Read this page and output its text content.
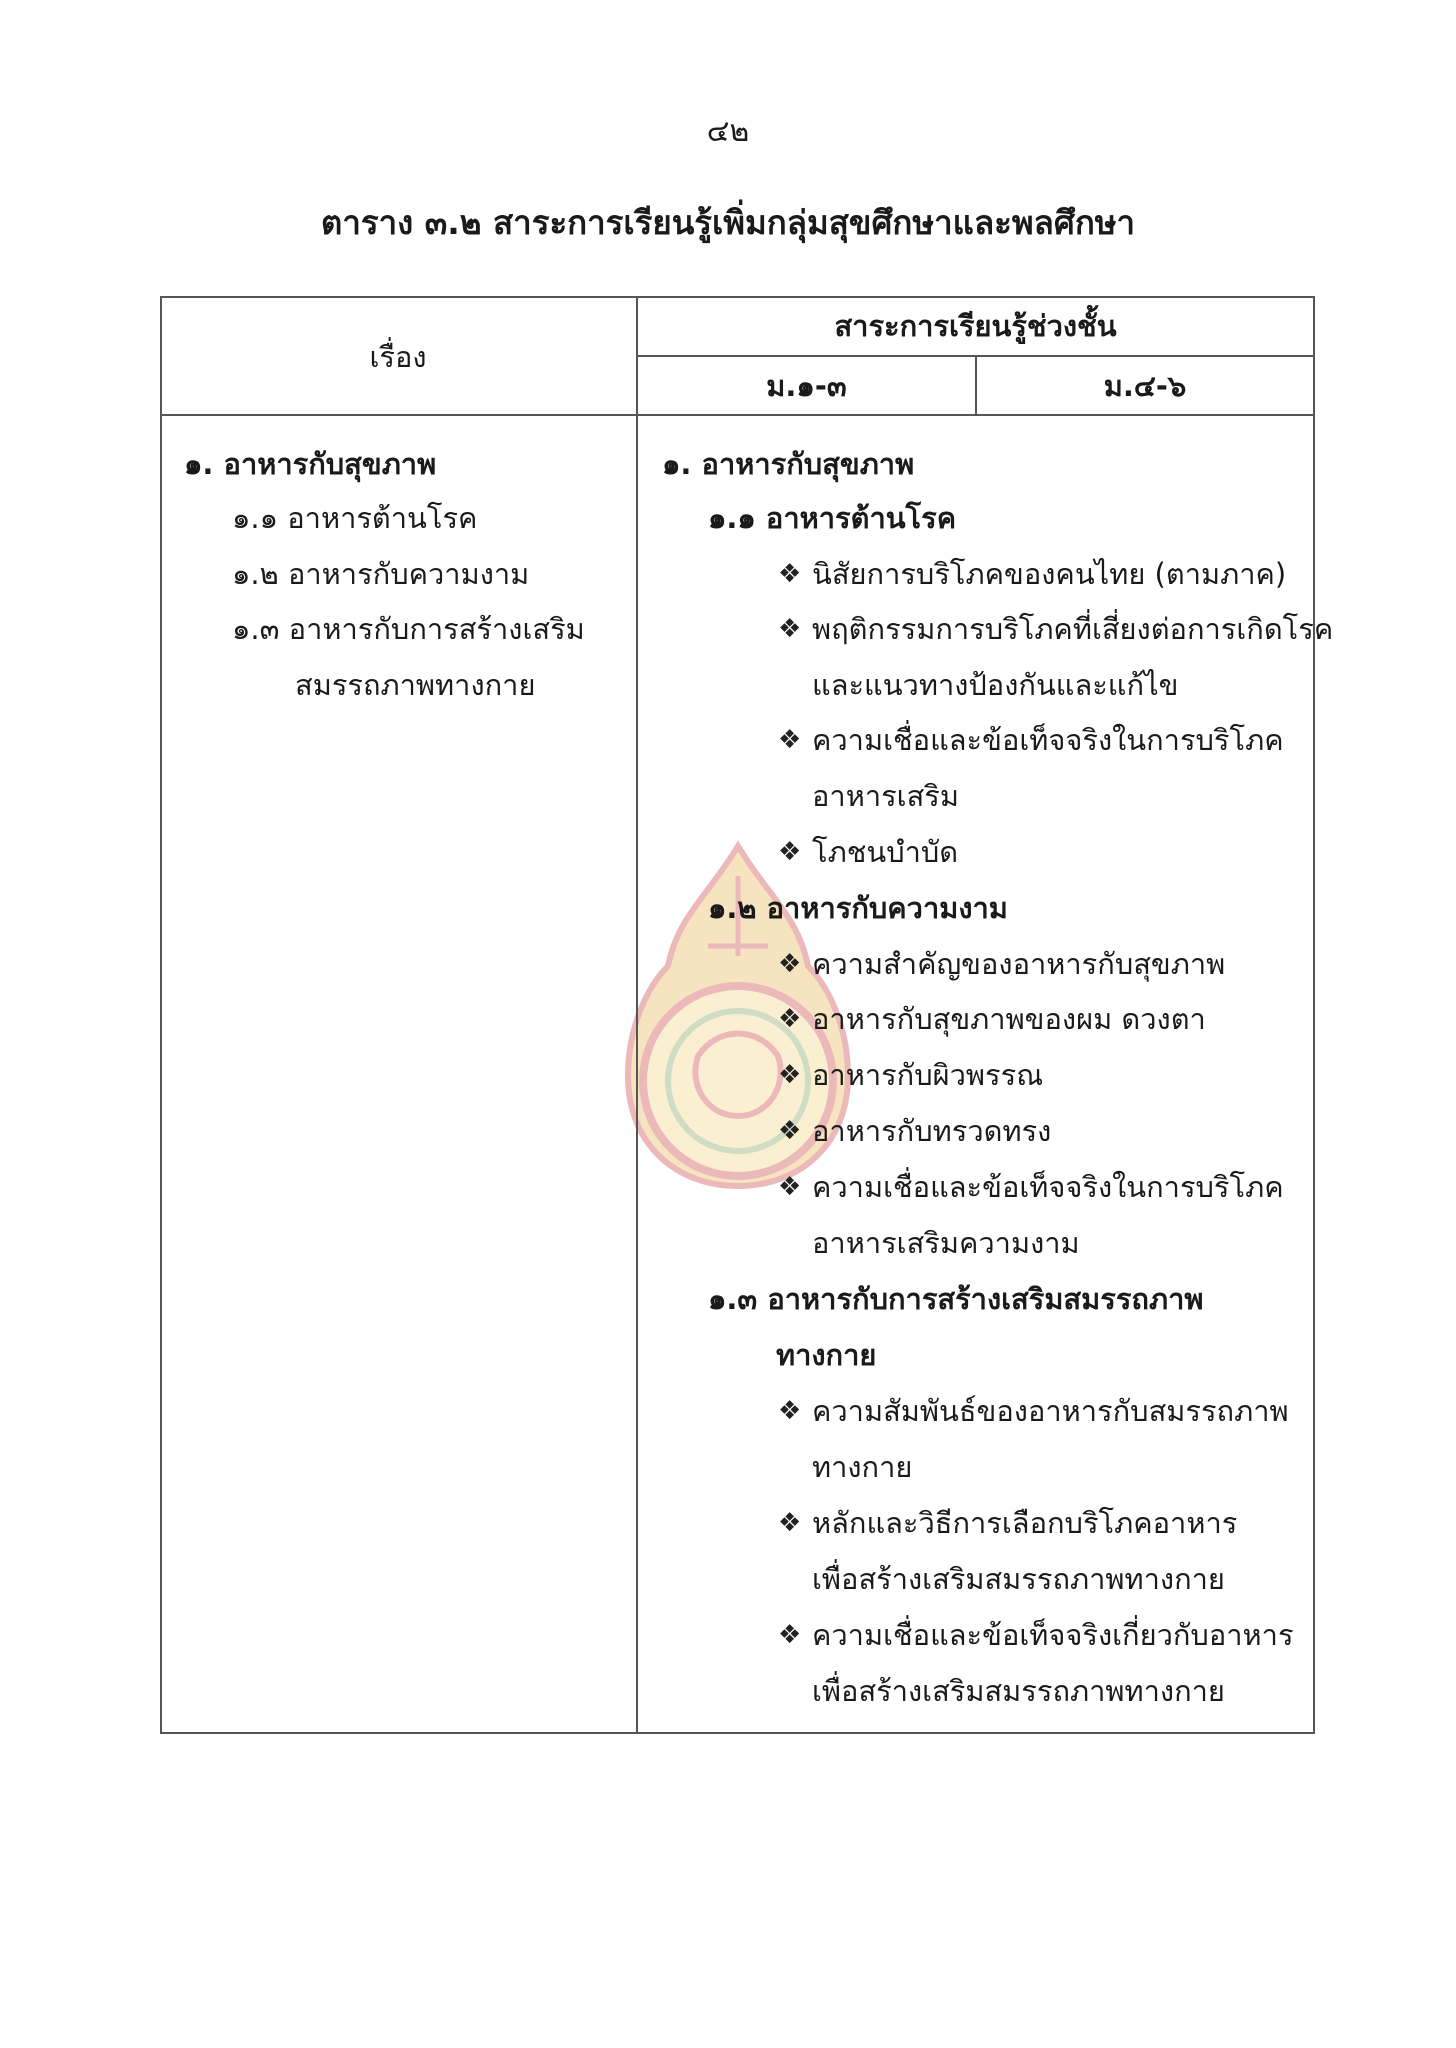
๔๒
ตาราง ๓.๒ สาระการเรียนรู้เพิ่มกลุ่มสุขศึกษาและพลศึกษา
เรื่อง
สาระการเรียนรู้ช่วงชั้น
ม.๑-๓	ม.๔-๖
๑. อาหารกับสุขภาพ
๑.๑ อาหารต้านโรค
๑.๒ อาหารกับความงาม
๑.๓ อาหารกับการสร้างเสริม
สมรรถภาพทางกาย
๑. อาหารกับสุขภาพ
๑.๑ อาหารต้านโรค
❖ นิสัยการบริโภคของคนไทย (ตามภาค)
❖ พฤติกรรมการบริโภคที่เสี่ยงต่อการเกิดโรค
และแนวทางป้องกันและแก้ไข
❖ ความเชื่อและข้อเท็จจริงในการบริโภค
อาหารเสริม
❖ โภชนบำบัด
๑.๒ อาหารกับความงาม
❖ ความสำคัญของอาหารกับสุขภาพ
❖ อาหารกับสุขภาพของผม ดวงตา
❖ อาหารกับผิวพรรณ
❖ อาหารกับทรวดทรง
❖ ความเชื่อและข้อเท็จจริงในการบริโภค
อาหารเสริมความงาม
๑.๓ อาหารกับการสร้างเสริมสมรรถภาพ
ทางกาย
❖ ความสัมพันธ์ของอาหารกับสมรรถภาพ
ทางกาย
❖ หลักและวิธีการเลือกบริโภคอาหาร
เพื่อสร้างเสริมสมรรถภาพทางกาย
❖ ความเชื่อและข้อเท็จจริงเกี่ยวกับอาหาร
เพื่อสร้างเสริมสมรรถภาพทางกาย
